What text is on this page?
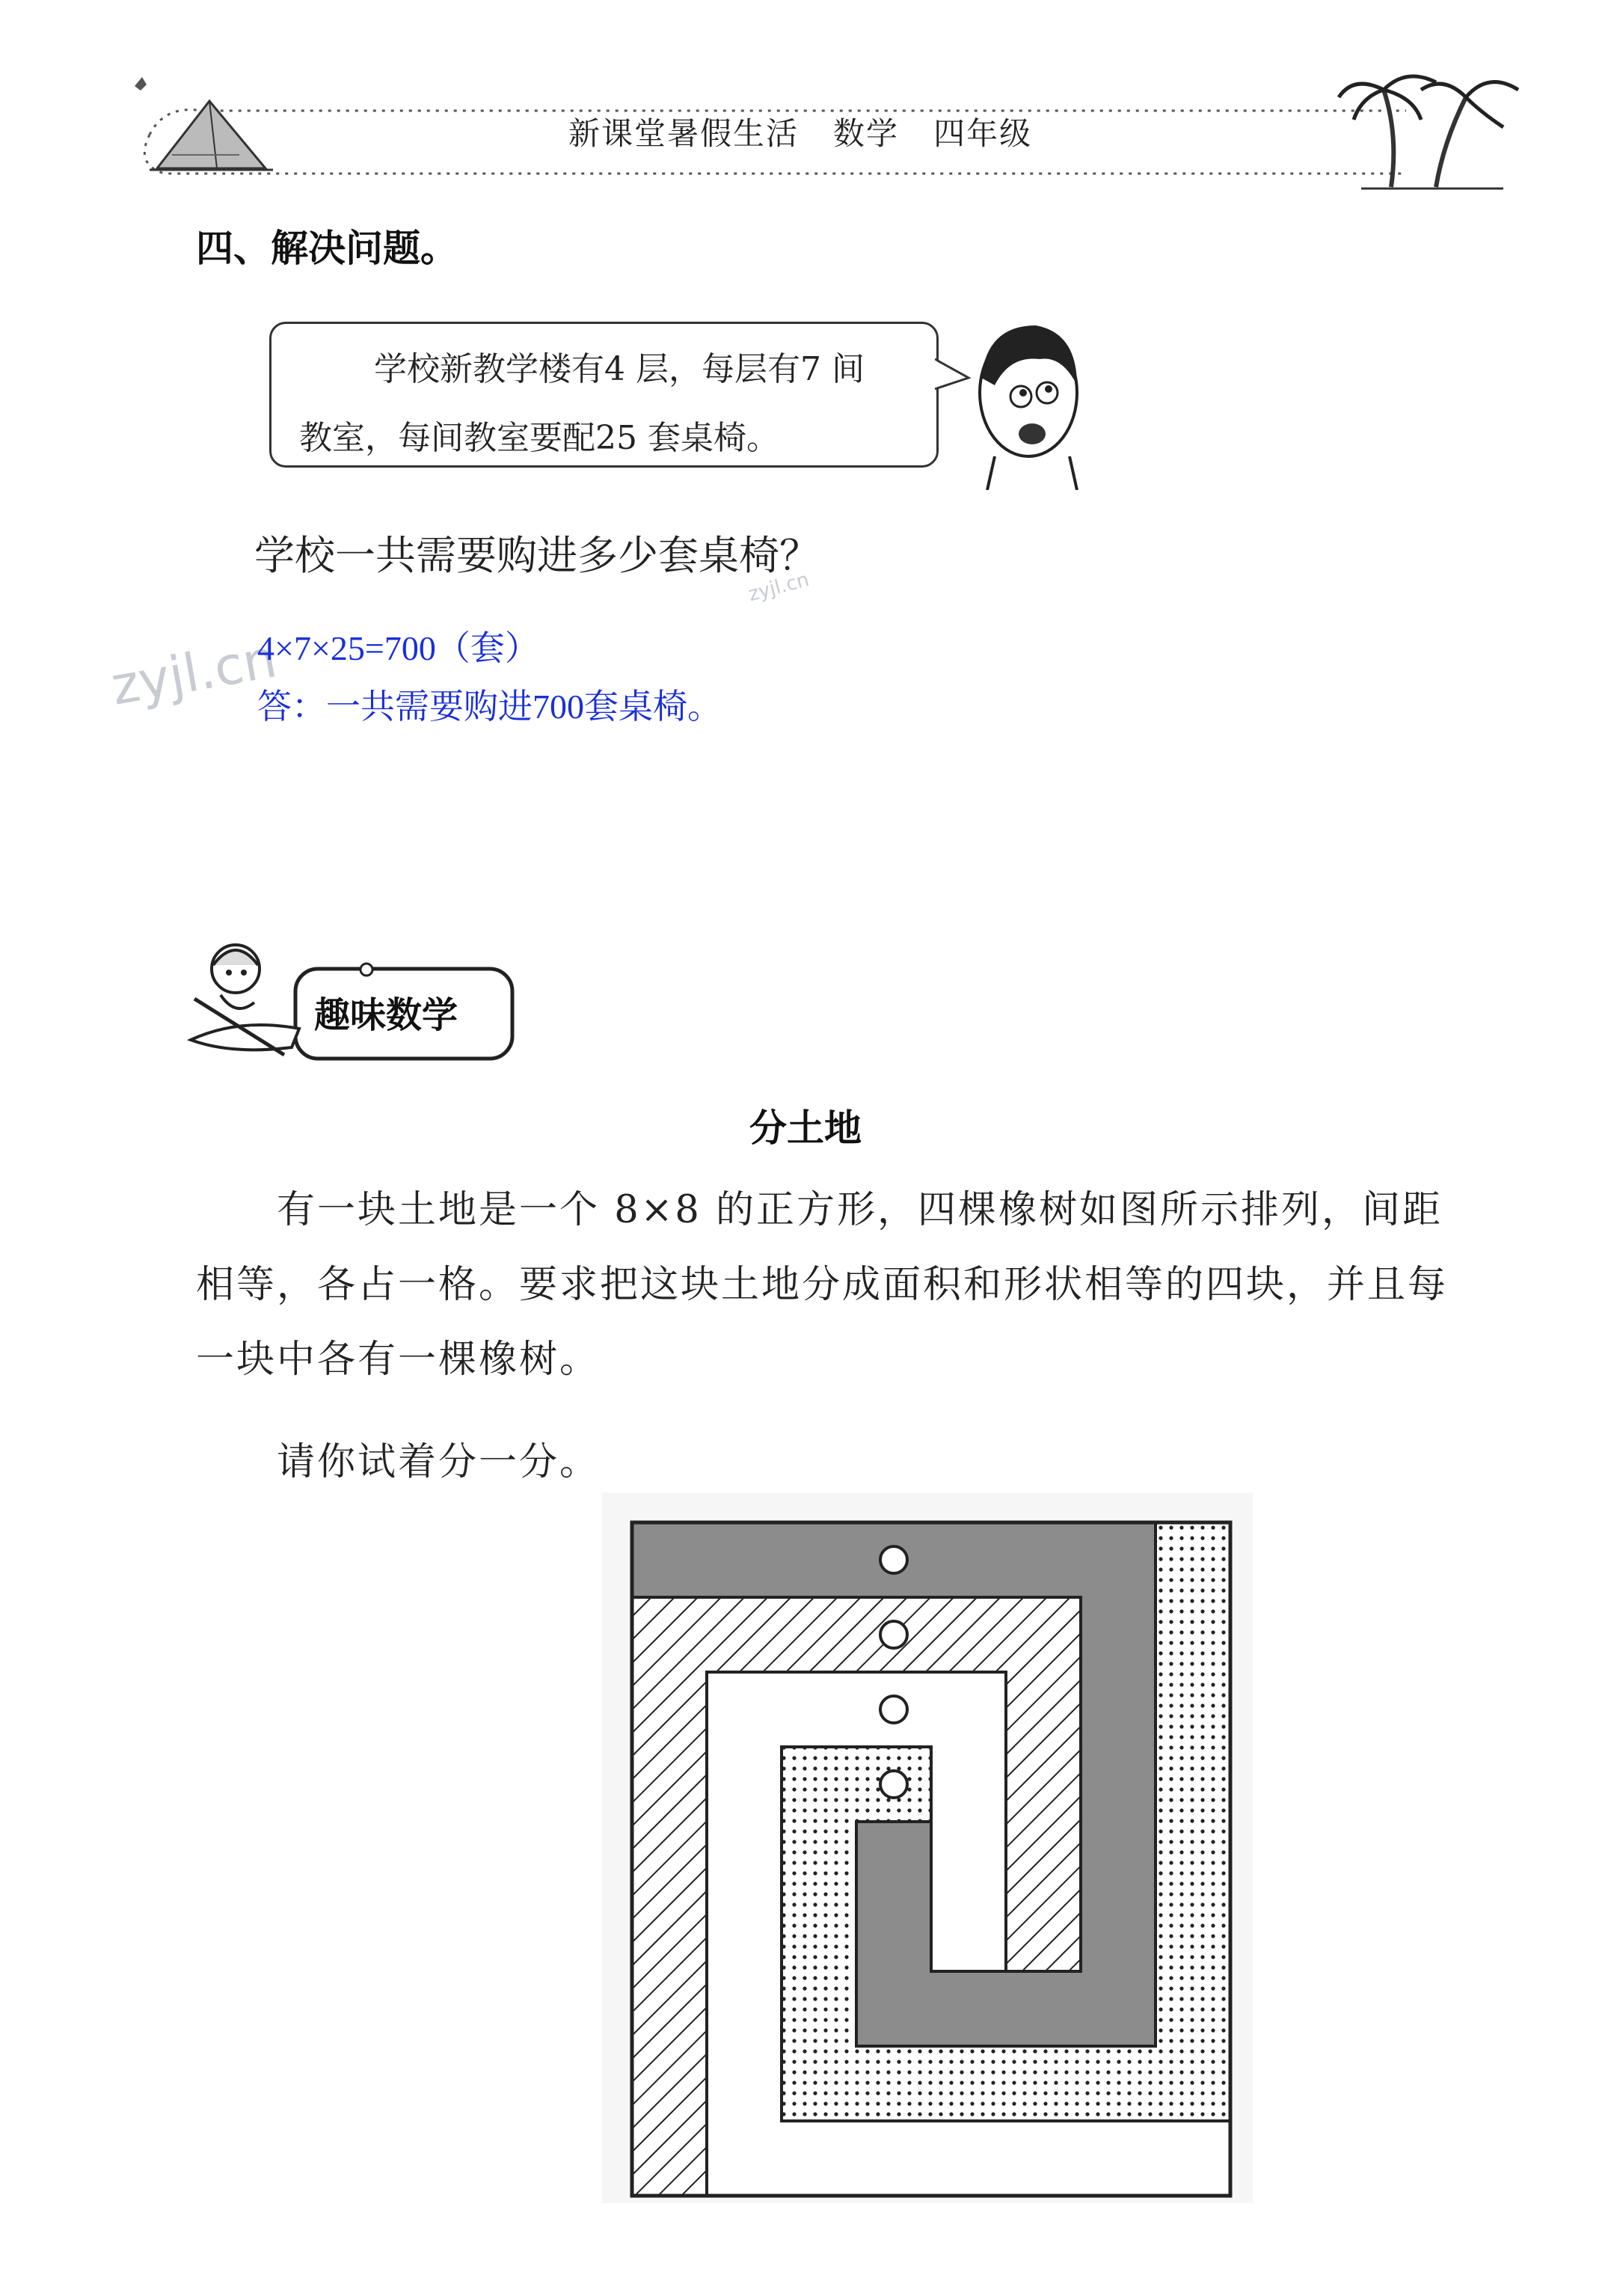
新课堂暑假生活   数学   四年级
四、解决问题。
学校新教学楼有4 层，每层有7 间
教室，每间教室要配25 套桌椅。
学校一共需要购进多少套桌椅？
zyjl.cn
zyjl.cn
4×7×25=700（套）
答：一共需要购进700套桌椅。
趣味数学
分土地
有一块土地是一个 8×8 的正方形，四棵橡树如图所示排列，间距相等，各占一格。要求把这块土地分成面积和形状相等的四块，并且每一块中各有一棵橡树。
请你试着分一分。
